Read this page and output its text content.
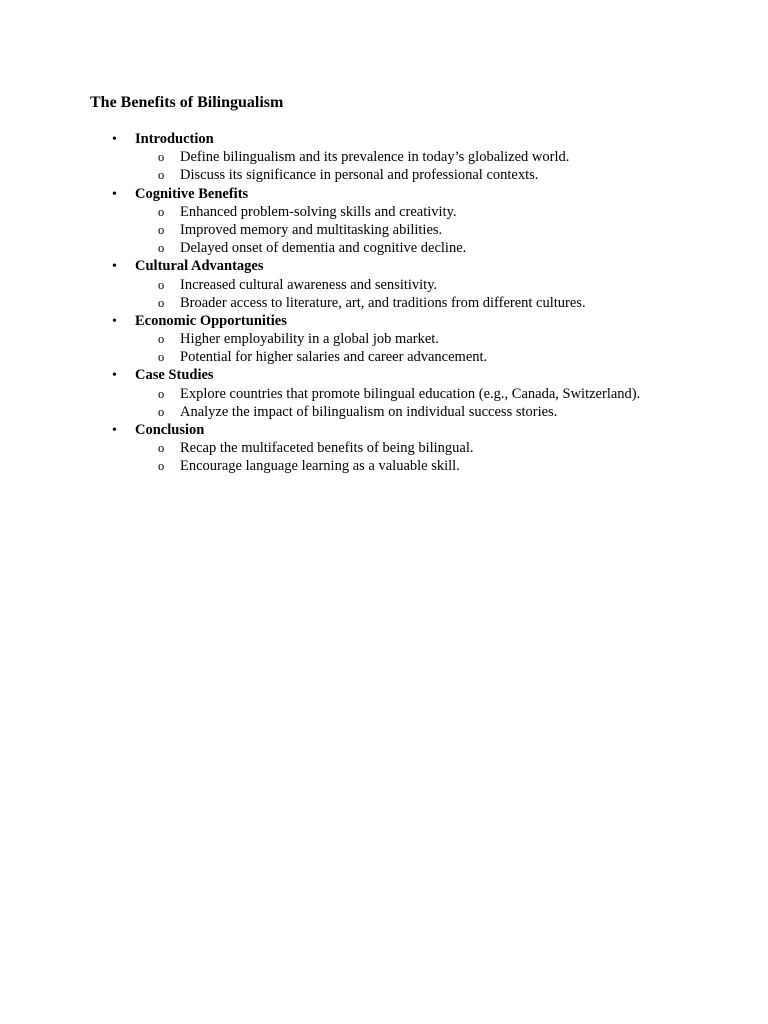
The Benefits of Bilingualism
• Introduction
o Define bilingualism and its prevalence in today’s globalized world.
o Discuss its significance in personal and professional contexts.
• Cognitive Benefits
o Enhanced problem-solving skills and creativity.
o Improved memory and multitasking abilities.
o Delayed onset of dementia and cognitive decline.
• Cultural Advantages
o Increased cultural awareness and sensitivity.
o Broader access to literature, art, and traditions from different cultures.
• Economic Opportunities
o Higher employability in a global job market.
o Potential for higher salaries and career advancement.
• Case Studies
o Explore countries that promote bilingual education (e.g., Canada, Switzerland).
o Analyze the impact of bilingualism on individual success stories.
• Conclusion
o Recap the multifaceted benefits of being bilingual.
o Encourage language learning as a valuable skill.
